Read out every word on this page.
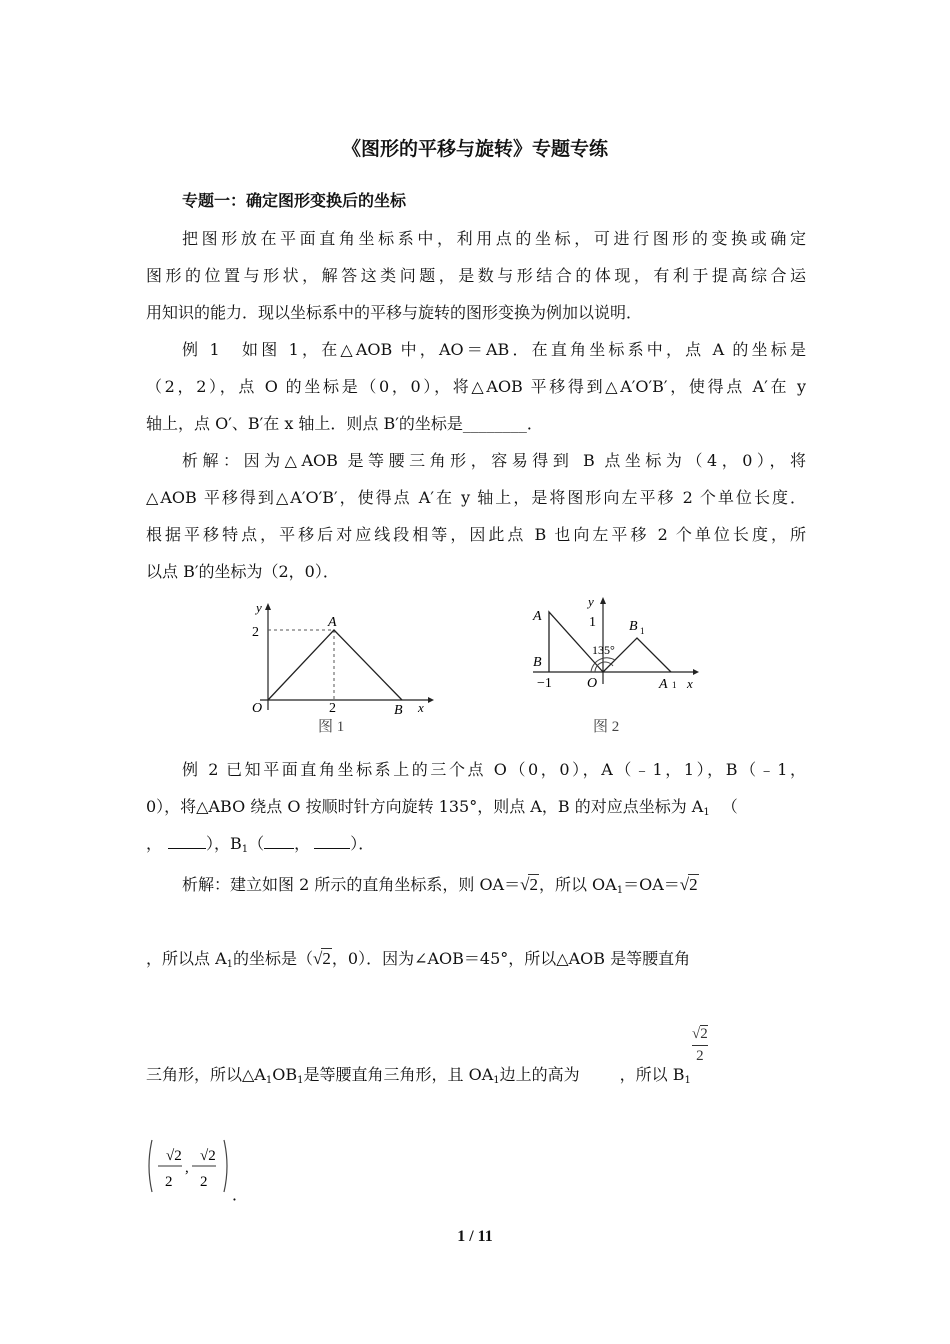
《图形的平移与旋转》专题专练
专题一：确定图形变换后的坐标
把图形放在平面直角坐标系中，利用点的坐标，可进行图形的变换或确定
图形的位置与形状，解答这类问题，是数与形结合的体现，有利于提高综合运
用知识的能力．现以坐标系中的平移与旋转的图形变换为例加以说明．
例 1　如图 1，在△AOB 中，AO＝AB．在直角坐标系中，点 A 的坐标是
（2，2），点 O 的坐标是（0，0），将△AOB 平移得到△A′O′B′，使得点 A′在 y
轴上，点 O′、B′在 x 轴上．则点 B′的坐标是________．
析解：因为△AOB 是等腰三角形，容易得到 B 点坐标为（4，0），将
△AOB 平移得到△A′O′B′，使得点 A′在 y 轴上，是将图形向左平移 2 个单位长度．
根据平移特点，平移后对应线段相等，因此点 B 也向左平移 2 个单位长度，所
以点 B′的坐标为（2，0）．
y
x
2
2
A
O	B
图 1
y
x
1
−1
A
B
O
B 1
A 1
135°
图 2
例 2 已知平面直角坐标系上的三个点 O（0，0），A（﹣1，1），B（﹣1，
0），将△ABO 绕点 O 按顺时针方向旋转 135°，则点 A，B 的对应点坐标为 $A_1$ （
，	），$B_1$（ ，	）．
析解：建立如图 2 所示的直角坐标系，则 OA＝√2，所以 $OA_1=OA=√2$
，所以点 $A_1$的坐标是（√2，0）．因为∠AOB＝45°，所以△AOB 是等腰直角
√2
2
三角形，所以$\triangle A_1OB_1$是等腰直角三角形，且 $OA_1$边上的高为	，所以 $B_1$
√2
2
,
√2
2
．
1 / 11
